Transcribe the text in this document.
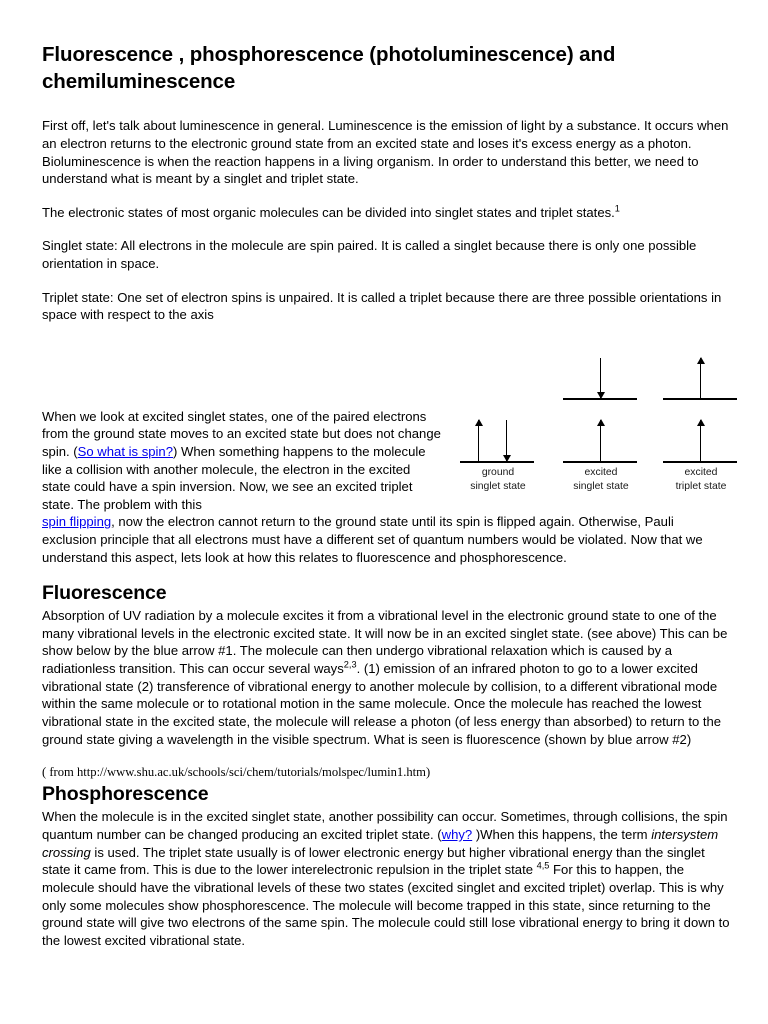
Fluorescence , phosphorescence (photoluminescence) and chemiluminescence

First off, let's talk about luminescence in general. Luminescence is the emission of light by a substance. It occurs when an electron returns to the electronic ground state from an excited state and loses it's excess energy as a photon. Bioluminescence is when the reaction happens in a living organism. In order to understand this better, we need to understand what is meant by a singlet and triplet state.

The electronic states of most organic molecules can be divided into singlet states and triplet states.$^1$

Singlet state: All electrons in the molecule are spin paired. It is called a singlet because there is only one possible orientation in space.

Triplet state: One set of electron spins is unpaired. It is called a triplet because there are three possible orientations in space with respect to the axis

ground
singlet state
excited
singlet state
excited
triplet state

When we look at excited singlet states, one of the paired electrons from the ground state moves to an excited state but does not change spin. (So what is spin?) When something happens to the molecule like a collision with another molecule, the electron in the excited state could have a spin inversion. Now, we see an excited triplet state. The problem with this

spin flipping, now the electron cannot return to the ground state until its spin is flipped again. Otherwise, Pauli exclusion principle that all electrons must have a different set of quantum numbers would be violated. Now that we understand this aspect, lets look at how this relates to fluorescence and phosphorescence.

Fluorescence

Absorption of UV radiation by a molecule excites it from a vibrational level in the electronic ground state to one of the many vibrational levels in the electronic excited state. It will now be in an excited singlet state. (see above) This can be show below by the blue arrow #1. The molecule can then undergo vibrational relaxation which is caused by a radiationless transition. This can occur several ways$^{2,3}$. (1) emission of an infrared photon to go to a lower excited vibrational state (2) transference of vibrational energy to another molecule by collision, to a different vibrational mode within the same molecule or to rotational motion in the same molecule. Once the molecule has reached the lowest vibrational state in the excited state, the molecule will release a photon (of less energy than absorbed) to return to the ground state giving a wavelength in the visible spectrum. What is seen is fluorescence (shown by blue arrow #2)

( from http://www.shu.ac.uk/schools/sci/chem/tutorials/molspec/lumin1.htm)

Phosphorescence

When the molecule is in the excited singlet state, another possibility can occur. Sometimes, through collisions, the spin quantum number can be changed producing an excited triplet state. (why? )When this happens, the term intersystem crossing is used. The triplet state usually is of lower electronic energy but higher vibrational energy than the singlet state it came from. This is due to the lower interelectronic repulsion in the triplet state $^{4,5}$ For this to happen, the molecule should have the vibrational levels of these two states (excited singlet and excited triplet) overlap. This is why only some molecules show phosphorescence. The molecule will become trapped in this state, since returning to the ground state will give two electrons of the same spin. The molecule could still lose vibrational energy to bring it down to the lowest excited vibrational state.
